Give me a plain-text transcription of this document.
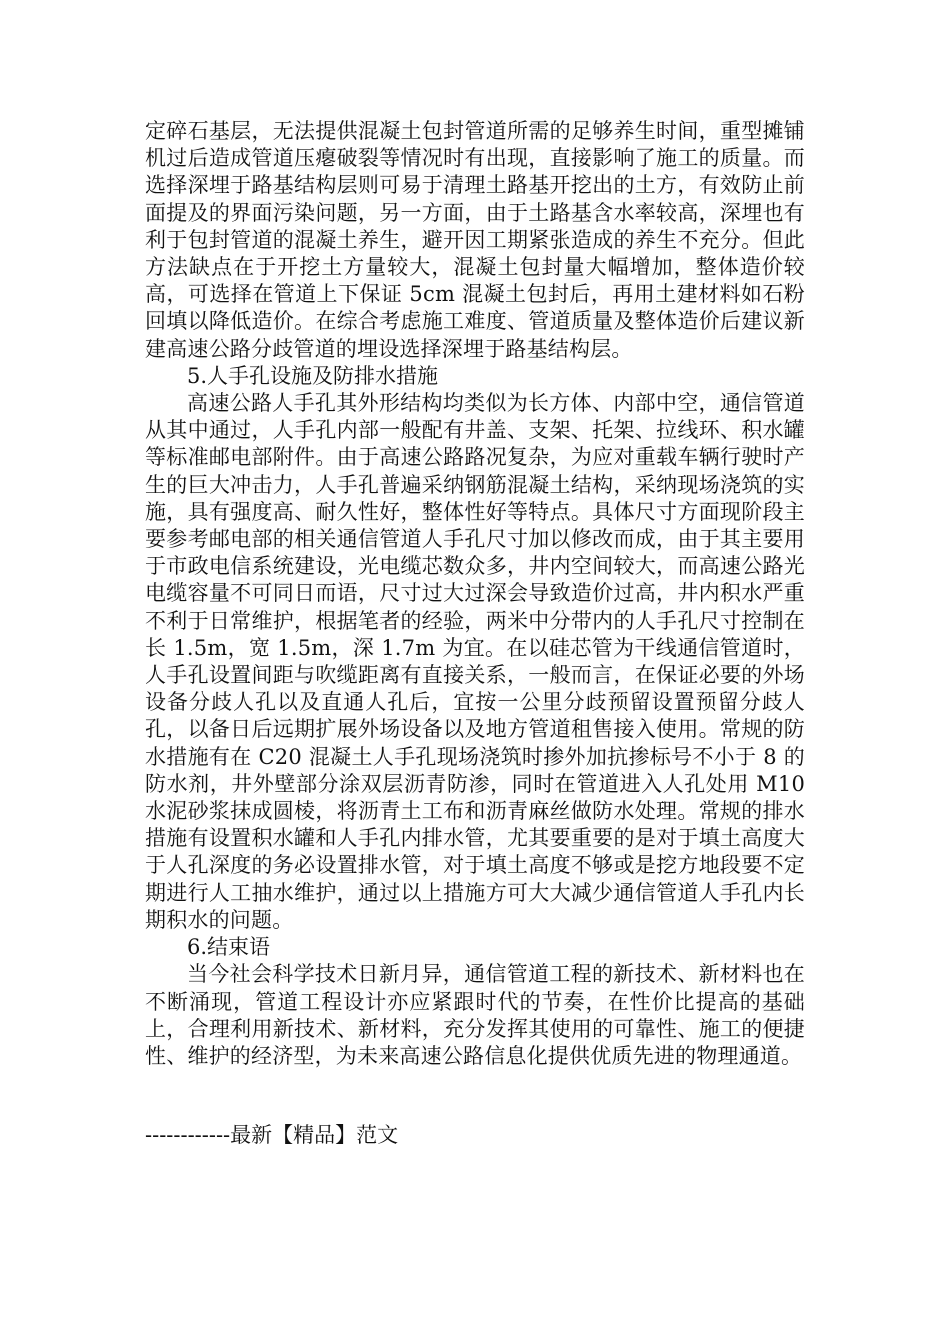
定碎石基层，无法提供混凝土包封管道所需的足够养生时间，重型摊铺机过后造成管道压瘪破裂等情况时有出现，直接影响了施工的质量。而选择深埋于路基结构层则可易于清理土路基开挖出的土方，有效防止前面提及的界面污染问题，另一方面，由于土路基含水率较高，深埋也有利于包封管道的混凝土养生，避开因工期紧张造成的养生不充分。但此方法缺点在于开挖土方量较大，混凝土包封量大幅增加，整体造价较高，可选择在管道上下保证 5cm 混凝土包封后，再用土建材料如石粉回填以降低造价。在综合考虑施工难度、管道质量及整体造价后建议新建高速公路分歧管道的埋设选择深埋于路基结构层。

5.人手孔设施及防排水措施

高速公路人手孔其外形结构均类似为长方体、内部中空，通信管道从其中通过，人手孔内部一般配有井盖、支架、托架、拉线环、积水罐等标准邮电部附件。由于高速公路路况复杂，为应对重载车辆行驶时产生的巨大冲击力，人手孔普遍采纳钢筋混凝土结构，采纳现场浇筑的实施，具有强度高、耐久性好，整体性好等特点。具体尺寸方面现阶段主要参考邮电部的相关通信管道人手孔尺寸加以修改而成，由于其主要用于市政电信系统建设，光电缆芯数众多，井内空间较大，而高速公路光电缆容量不可同日而语，尺寸过大过深会导致造价过高，井内积水严重不利于日常维护，根据笔者的经验，两米中分带内的人手孔尺寸控制在长 1.5m，宽 1.5m，深 1.7m 为宜。在以硅芯管为干线通信管道时，人手孔设置间距与吹缆距离有直接关系，一般而言，在保证必要的外场设备分歧人孔以及直通人孔后，宜按一公里分歧预留设置预留分歧人孔，以备日后远期扩展外场设备以及地方管道租售接入使用。常规的防水措施有在 C20 混凝土人手孔现场浇筑时掺外加抗掺标号不小于 8 的防水剂，井外壁部分涂双层沥青防渗，同时在管道进入人孔处用 M10 水泥砂浆抹成圆棱，将沥青土工布和沥青麻丝做防水处理。常规的排水措施有设置积水罐和人手孔内排水管，尤其要重要的是对于填土高度大于人孔深度的务必设置排水管，对于填土高度不够或是挖方地段要不定期进行人工抽水维护，通过以上措施方可大大减少通信管道人手孔内长期积水的问题。

6.结束语

当今社会科学技术日新月异，通信管道工程的新技术、新材料也在不断涌现，管道工程设计亦应紧跟时代的节奏，在性价比提高的基础上，合理利用新技术、新材料，充分发挥其使用的可靠性、施工的便捷性、维护的经济型，为未来高速公路信息化提供优质先进的物理通道。

------------最新【精品】范文
